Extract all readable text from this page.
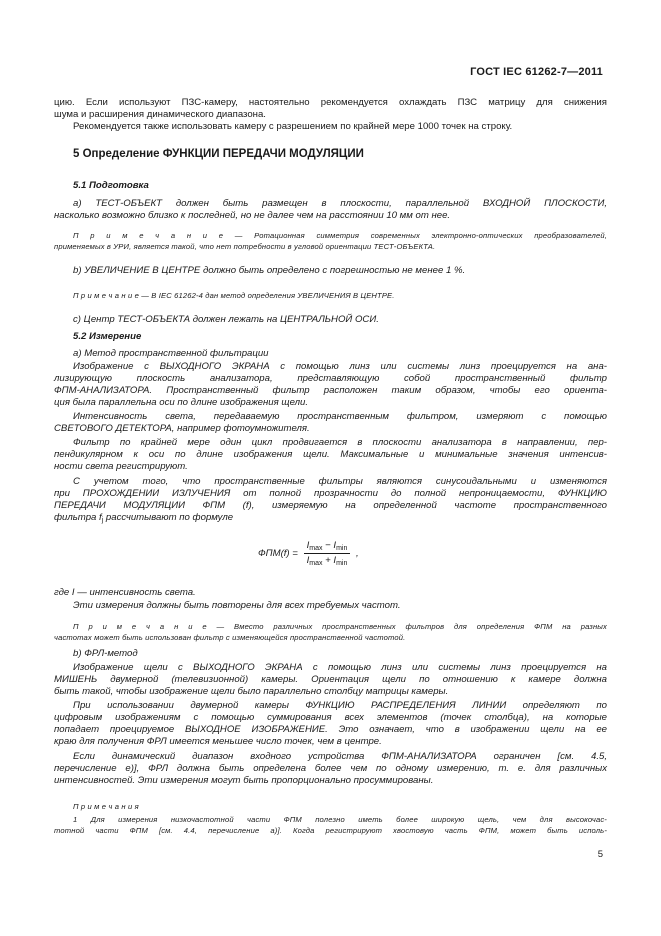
ГОСТ IEC 61262-7—2011
цию. Если используют ПЗС-камеру, настоятельно рекомендуется охлаждать ПЗС матрицу для снижения
шума и расширения динамического диапазона.
Рекомендуется также использовать камеру с разрешением по крайней мере 1000 точек на строку.
5 Определение ФУНКЦИИ ПЕРЕДАЧИ МОДУЛЯЦИИ
5.1 Подготовка
a) ТЕСТ-ОБЪЕКТ должен быть размещен в плоскости, параллельной ВХОДНОЙ ПЛОСКОСТИ,
насколько возможно близко к последней, но не далее чем на расстоянии 10 мм от нее.
П р и м е ч а н и е — Ротационная симметрия современных электронно-оптических преобразователей,
применяемых в УРИ, является такой, что нет потребности в угловой ориентации ТЕСТ-ОБЪЕКТА.
b) УВЕЛИЧЕНИЕ В ЦЕНТРЕ должно быть определено с погрешностью не менее 1 %.
П р и м е ч а н и е — В IEC 61262-4 дан метод определения УВЕЛИЧЕНИЯ В ЦЕНТРЕ.
c) Центр ТЕСТ-ОБЪЕКТА должен лежать на ЦЕНТРАЛЬНОЙ ОСИ.
5.2 Измерение
a) Метод пространственной фильтрации
Изображение с ВЫХОДНОГО ЭКРАНА с помощью линз или системы линз проецируется на ана-
лизирующую плоскость анализатора, представляющую собой пространственный фильтр
ФПМ-АНАЛИЗАТОРА. Пространственный фильтр расположен таким образом, чтобы его ориента-
ция была параллельна оси по длине изображения щели.
Интенсивность света, передаваемую пространственным фильтром, измеряют с помощью
СВЕТОВОГО ДЕТЕКТОРА, например фотоумножителя.
Фильтр по крайней мере один цикл продвигается в плоскости анализатора в направлении, пер-
пендикулярном к оси по длине изображения щели. Максимальные и минимальные значения интенсив-
ности света регистрируют.
С учетом того, что пространственные фильтры являются синусоидальными и изменяются
при ПРОХОЖДЕНИИ ИЗЛУЧЕНИЯ от полной прозрачности до полной непроницаемости, ФУНКЦИЮ
ПЕРЕДАЧИ МОДУЛЯЦИИ ФПМ (f), измеряемую на определенной частоте пространственного
фильтра $f_j$ рассчитывают по формуле
$ФПМ(f) = \frac{I_{max} - I_{min}}{I_{max} + I_{min}}$ ,
где I — интенсивность света.
Эти измерения должны быть повторены для всех требуемых частот.
П р и м е ч а н и е — Вместо различных пространственных фильтров для определения ФПМ на разных
частотах может быть использован фильтр с изменяющейся пространственной частотой.
b) ФРЛ-метод
Изображение щели с ВЫХОДНОГО ЭКРАНА с помощью линз или системы линз проецируется на
МИШЕНЬ двумерной (телевизионной) камеры. Ориентация щели по отношению к камере должна
быть такой, чтобы изображение щели было параллельно столбцу матрицы камеры.
При использовании двумерной камеры ФУНКЦИЮ РАСПРЕДЕЛЕНИЯ ЛИНИИ определяют по
цифровым изображениям с помощью суммирования всех элементов (точек столбца), на которые
попадает проецируемое ВЫХОДНОЕ ИЗОБРАЖЕНИЕ. Это означает, что в изображении щели на ее
краю для получения ФРЛ имеется меньшее число точек, чем в центре.
Если динамический диапазон входного устройства ФПМ-АНАЛИЗАТОРА ограничен [см. 4.5,
перечисление e)], ФРЛ должна быть определена более чем по одному измерению, т. е. для различных
интенсивностей. Эти измерения могут быть пропорционально просуммированы.
П р и м е ч а н и я
1 Для измерения низкочастотной части ФПМ полезно иметь более широкую щель, чем для высокочас-
тотной части ФПМ [см. 4.4, перечисление a)]. Когда регистрируют хвостовую часть ФПМ, может быть исполь-
5
